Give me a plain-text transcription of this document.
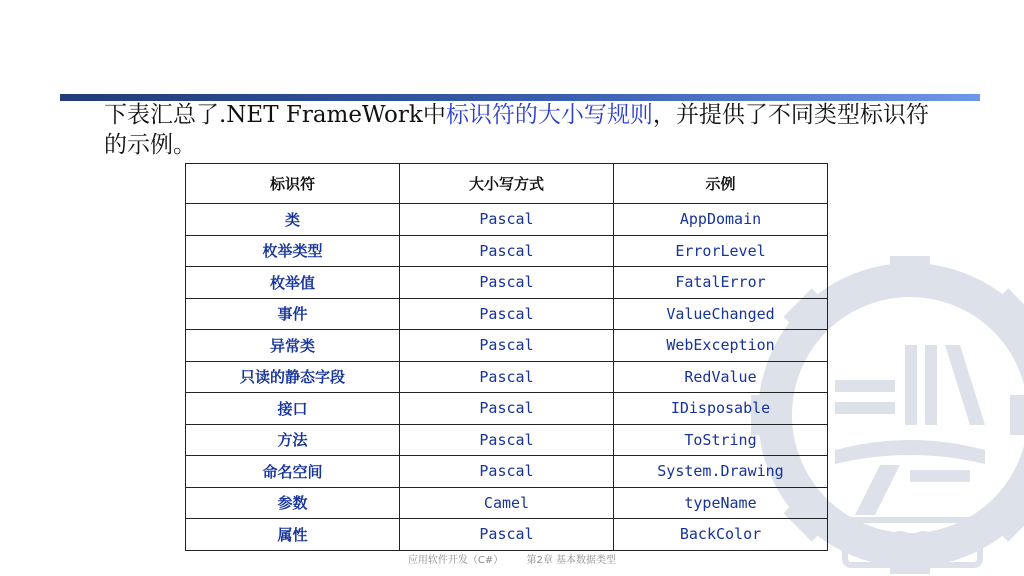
1896

下表汇总了.NET FrameWork中标识符的大小写规则，并提供了不同类型标识符的示例。

标识符	大小写方式	示例
类	Pascal	AppDomain
枚举类型	Pascal	ErrorLevel
枚举值	Pascal	FatalError
事件	Pascal	ValueChanged
异常类	Pascal	WebException
只读的静态字段	Pascal	RedValue
接口	Pascal	IDisposable
方法	Pascal	ToString
命名空间	Pascal	System.Drawing
参数	Camel	typeName
属性	Pascal	BackColor
应用软件开发（C#） 第2章 基本数据类型
